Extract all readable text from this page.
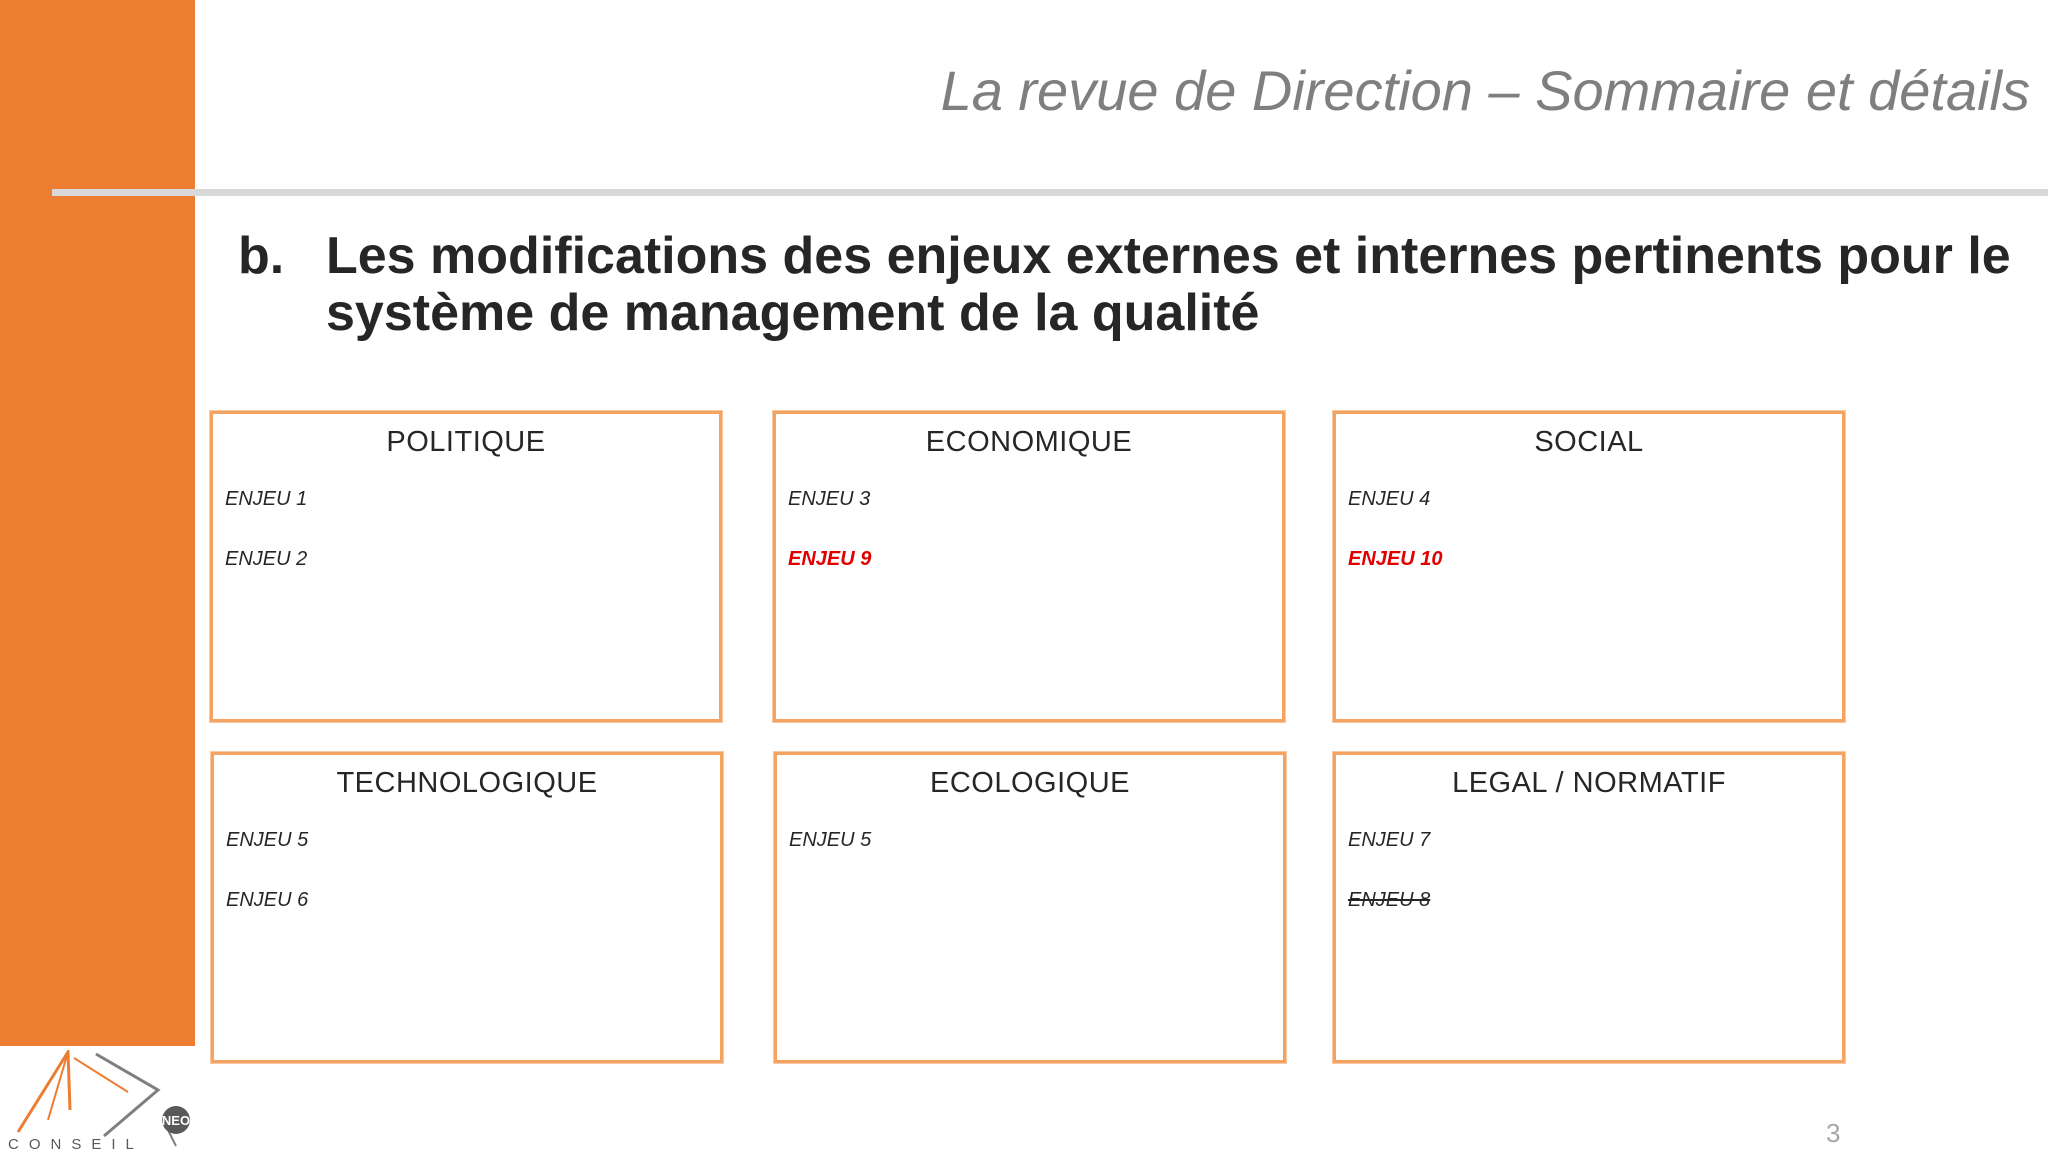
La revue de Direction – Sommaire et détails
b. Les modifications des enjeux externes et internes pertinents pour le système de management de la qualité
POLITIQUE
ENJEU 1
ENJEU 2
ECONOMIQUE
ENJEU 3
ENJEU 9
SOCIAL
ENJEU 4
ENJEU 10
TECHNOLOGIQUE
ENJEU 5
ENJEU 6
ECOLOGIQUE
ENJEU 5
LEGAL / NORMATIF
ENJEU 7
ENJEU 8
3
NEO
CONSEIL
